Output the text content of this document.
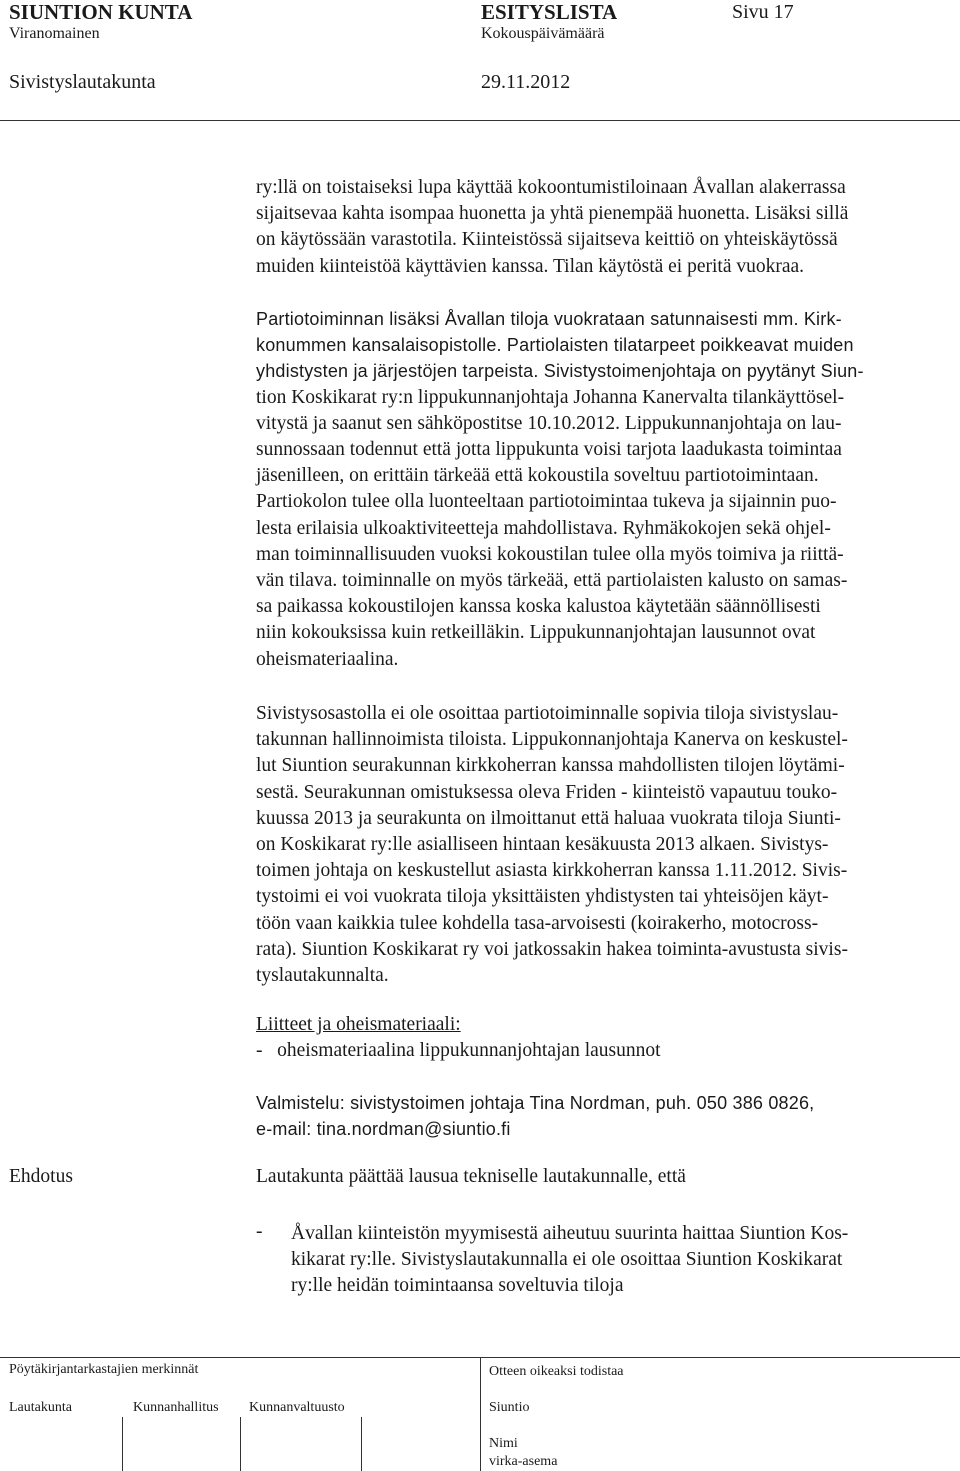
SIUNTION KUNTA	ESITYSLISTA	Sivu 17
Viranomainen	Kokouspäivämäärä
Sivistyslautakunta	29.11.2012
ry:llä on toistaiseksi lupa käyttää kokoontumistiloinaan Åvallan alakerrassa
sijaitsevaa kahta isompaa huonetta ja yhtä pienempää huonetta. Lisäksi sillä
on käytössään varastotila. Kiinteistössä sijaitseva keittiö on yhteiskäytössä
muiden kiinteistöä käyttävien kanssa. Tilan käytöstä ei peritä vuokraa.
Partiotoiminnan lisäksi Åvallan tiloja vuokrataan satunnaisesti mm. Kirk-
konummen kansalaisopistolle. Partiolaisten tilatarpeet poikkeavat muiden
yhdistysten ja järjestöjen tarpeista. Sivistystoimenjohtaja on pyytänyt Siun-
tion Koskikarat ry:n lippukunnanjohtaja Johanna Kanervalta tilankäyttösel-
vitystä ja saanut sen sähköpostitse 10.10.2012. Lippukunnanjohtaja on lau-
sunnossaan todennut että jotta lippukunta voisi tarjota laadukasta toimintaa
jäsenilleen, on erittäin tärkeää että kokoustila soveltuu partiotoimintaan.
Partiokolon tulee olla luonteeltaan partiotoimintaa tukeva ja sijainnin puo-
lesta erilaisia ulkoaktiviteetteja mahdollistava. Ryhmäkokojen sekä ohjel-
man toiminnallisuuden vuoksi kokoustilan tulee olla myös toimiva ja riittä-
vän tilava. toiminnalle on myös tärkeää, että partiolaisten kalusto on samas-
sa paikassa kokoustilojen kanssa koska kalustoa käytetään säännöllisesti
niin kokouksissa kuin retkeilläkin. Lippukunnanjohtajan lausunnot ovat
oheismateriaalina.
Sivistysosastolla ei ole osoittaa partiotoiminnalle sopivia tiloja sivistyslau-
takunnan hallinnoimista tiloista. Lippukonnanjohtaja Kanerva on keskustel-
lut Siuntion seurakunnan kirkkoherran kanssa mahdollisten tilojen löytämi-
sestä. Seurakunnan omistuksessa oleva Friden - kiinteistö vapautuu touko-
kuussa 2013 ja seurakunta on ilmoittanut että haluaa vuokrata tiloja Siunti-
on Koskikarat ry:lle asialliseen hintaan kesäkuusta 2013 alkaen. Sivistys-
toimen johtaja on keskustellut asiasta kirkkoherran kanssa 1.11.2012. Sivis-
tystoimi ei voi vuokrata tiloja yksittäisten yhdistysten tai yhteisöjen käyt-
töön vaan kaikkia tulee kohdella tasa-arvoisesti (koirakerho, motocross-
rata). Siuntion Koskikarat ry voi jatkossakin hakea toiminta-avustusta sivis-
tyslautakunnalta.
Liitteet ja oheismateriaali:
-   oheismateriaalina lippukunnanjohtajan lausunnot
Valmistelu: sivistystoimen johtaja Tina Nordman, puh. 050 386 0826,
e-mail: tina.nordman@siuntio.fi
Ehdotus	Lautakunta päättää lausua tekniselle lautakunnalle, että
- Åvallan kiinteistön myymisestä aiheutuu suurinta haittaa Siuntion Kos-
kikarat ry:lle. Sivistyslautakunnalla ei ole osoittaa Siuntion Koskikarat
ry:lle heidän toimintaansa soveltuvia tiloja
Pöytäkirjantarkastajien merkinnät	Otteen oikeaksi todistaa
Lautakunta	Kunnanhallitus Kunnanvaltuusto	Siuntio
Nimi
virka-asema
